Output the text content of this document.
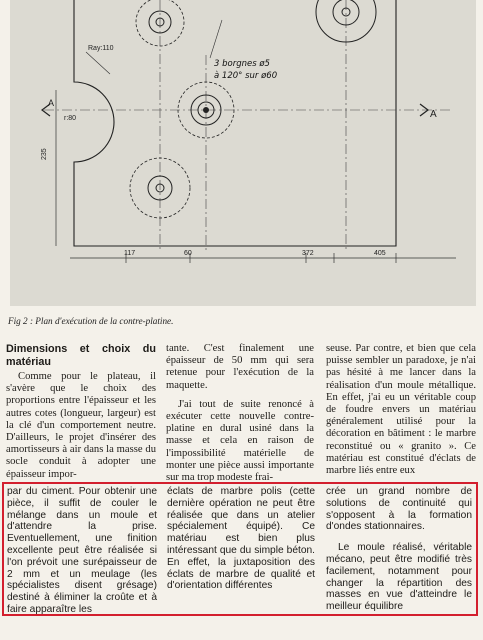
Ray:110
r:80
235
3 borgnes ø5
à 120° sur ø60
A
A
117	60	372	405
Fig 2 : Plan d'exécution de la contre-platine.
Dimensions et choix du matériau

Comme pour le plateau, il s'avère que le choix des proportions entre l'épaisseur et les autres cotes (longueur, largeur) est la clé d'un comportement neutre. D'ailleurs, le projet d'insérer des amortisseurs à air dans la masse du socle conduit à adopter une épaisseur impor-

tante. C'est finalement une épaisseur de 50 mm qui sera retenue pour l'exécution de la maquette.

J'ai tout de suite renoncé à exécuter cette nouvelle contre-platine en dural usiné dans la masse et cela en raison de l'impossibilité matérielle de monter une pièce aussi importante sur ma trop modeste frai-

seuse. Par contre, et bien que cela puisse sembler un paradoxe, je n'ai pas hésité à me lancer dans la réalisation d'un moule métallique. En effet, j'ai eu un véritable coup de foudre envers un matériau généralement utilisé pour la décoration en bâtiment : le marbre reconstitué ou « granito ». Ce matériau est constitué d'éclats de marbre liés entre eux

par du ciment. Pour obtenir une pièce, il suffit de couler le mélange dans un moule et d'attendre la prise. Eventuellement, une finition excellente peut être réalisée si l'on prévoit une surépaisseur de 2 mm et un meulage (les spécialistes disent grésage) destiné à éliminer la croûte et à faire apparaître les

éclats de marbre polis (cette dernière opération ne peut être réalisée que dans un atelier spécialement équipé). Ce matériau est bien plus intéressant que du simple béton. En effet, la juxtaposition des éclats de marbre de qualité et d'orientation différentes

crée un grand nombre de solutions de continuité qui s'opposent à la formation d'ondes stationnaires.

Le moule réalisé, véritable mécano, peut être modifié très facilement, notamment pour changer la répartition des masses en vue d'atteindre le meilleur équilibre
